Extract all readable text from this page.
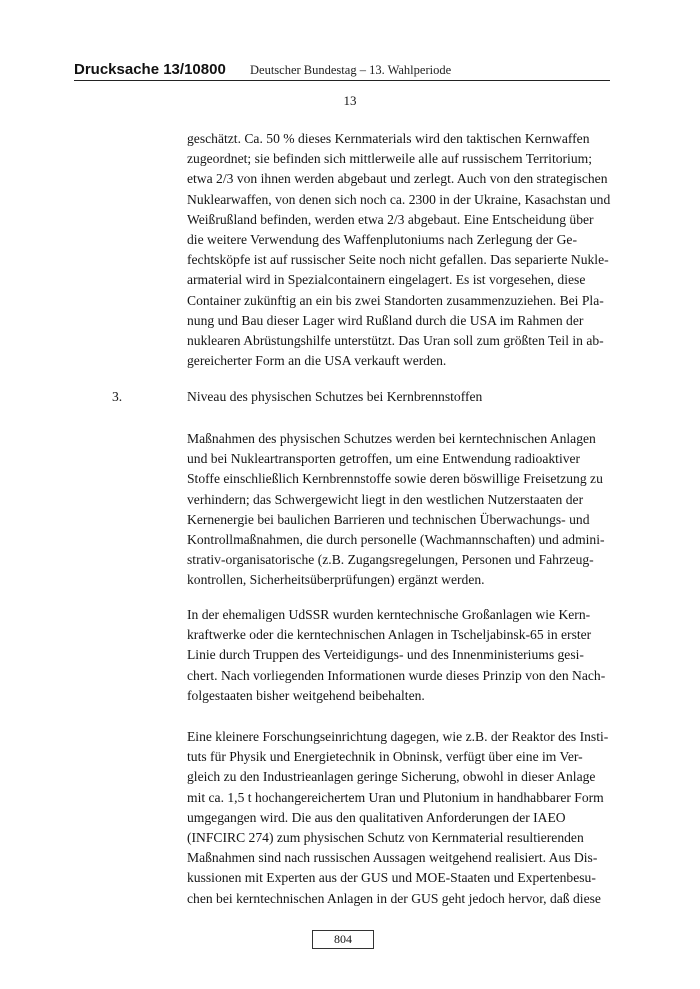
Drucksache 13/10800 Deutscher Bundestag – 13. Wahlperiode
13
geschätzt. Ca. 50 % dieses Kernmaterials wird den taktischen Kernwaffen
zugeordnet; sie befinden sich mittlerweile alle auf russischem Territorium;
etwa 2/3 von ihnen werden abgebaut und zerlegt. Auch von den strategischen
Nuklearwaffen, von denen sich noch ca. 2300 in der Ukraine, Kasachstan und
Weißrußland befinden, werden etwa 2/3 abgebaut. Eine Entscheidung über
die weitere Verwendung des Waffenplutoniums nach Zerlegung der Ge-
fechtsköpfe ist auf russischer Seite noch nicht gefallen. Das separierte Nukle-
armaterial wird in Spezialcontainern eingelagert. Es ist vorgesehen, diese
Container zukünftig an ein bis zwei Standorten zusammenzuziehen. Bei Pla-
nung und Bau dieser Lager wird Rußland durch die USA im Rahmen der
nuklearen Abrüstungshilfe unterstützt. Das Uran soll zum größten Teil in ab-
gereicherter Form an die USA verkauft werden.
3.	Niveau des physischen Schutzes bei Kernbrennstoffen
Maßnahmen des physischen Schutzes werden bei kerntechnischen Anlagen
und bei Nukleartransporten getroffen, um eine Entwendung radioaktiver
Stoffe einschließlich Kernbrennstoffe sowie deren böswillige Freisetzung zu
verhindern; das Schwergewicht liegt in den westlichen Nutzerstaaten der
Kernenergie bei baulichen Barrieren und technischen Überwachungs- und
Kontrollmaßnahmen, die durch personelle (Wachmannschaften) und admini-
strativ-organisatorische (z.B. Zugangsregelungen, Personen und Fahrzeug-
kontrollen, Sicherheitsüberprüfungen) ergänzt werden.
In der ehemaligen UdSSR wurden kerntechnische Großanlagen wie Kern-
kraftwerke oder die kerntechnischen Anlagen in Tscheljabinsk-65 in erster
Linie durch Truppen des Verteidigungs- und des Innenministeriums gesi-
chert. Nach vorliegenden Informationen wurde dieses Prinzip von den Nach-
folgestaaten bisher weitgehend beibehalten.
Eine kleinere Forschungseinrichtung dagegen, wie z.B. der Reaktor des Insti-
tuts für Physik und Energietechnik in Obninsk, verfügt über eine im Ver-
gleich zu den Industrieanlagen geringe Sicherung, obwohl in dieser Anlage
mit ca. 1,5 t hochangereichertem Uran und Plutonium in handhabbarer Form
umgegangen wird. Die aus den qualitativen Anforderungen der IAEO
(INFCIRC 274) zum physischen Schutz von Kernmaterial resultierenden
Maßnahmen sind nach russischen Aussagen weitgehend realisiert. Aus Dis-
kussionen mit Experten aus der GUS und MOE-Staaten und Expertenbesu-
chen bei kerntechnischen Anlagen in der GUS geht jedoch hervor, daß diese
804
